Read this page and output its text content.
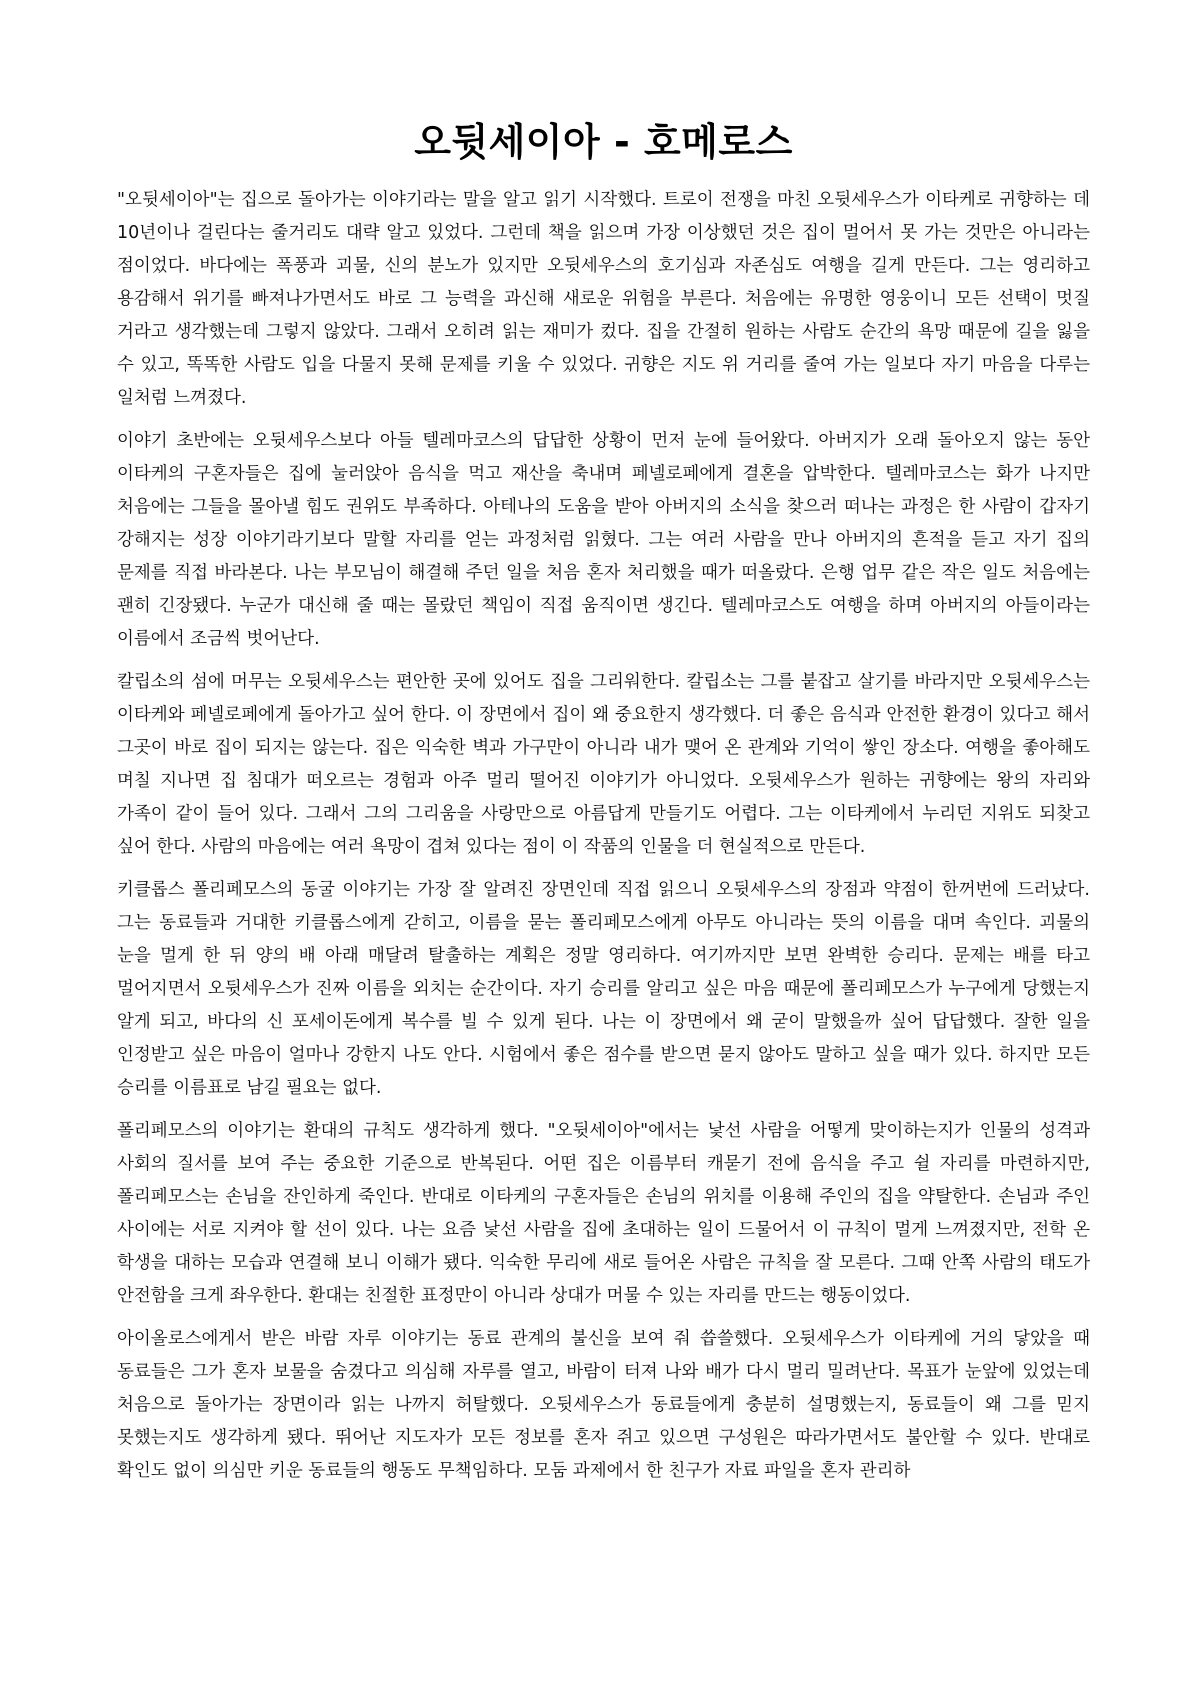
오뒷세이아 - 호메로스

"오뒷세이아"는 집으로 돌아가는 이야기라는 말을 알고 읽기 시작했다. 트로이 전쟁을 마친 오뒷세우스가 이타케로 귀향하는 데 10년이나 걸린다는 줄거리도 대략 알고 있었다. 그런데 책을 읽으며 가장 이상했던 것은 집이 멀어서 못 가는 것만은 아니라는 점이었다. 바다에는 폭풍과 괴물, 신의 분노가 있지만 오뒷세우스의 호기심과 자존심도 여행을 길게 만든다. 그는 영리하고 용감해서 위기를 빠져나가면서도 바로 그 능력을 과신해 새로운 위험을 부른다. 처음에는 유명한 영웅이니 모든 선택이 멋질 거라고 생각했는데 그렇지 않았다. 그래서 오히려 읽는 재미가 컸다. 집을 간절히 원하는 사람도 순간의 욕망 때문에 길을 잃을 수 있고, 똑똑한 사람도 입을 다물지 못해 문제를 키울 수 있었다. 귀향은 지도 위 거리를 줄여 가는 일보다 자기 마음을 다루는 일처럼 느껴졌다.

이야기 초반에는 오뒷세우스보다 아들 텔레마코스의 답답한 상황이 먼저 눈에 들어왔다. 아버지가 오래 돌아오지 않는 동안 이타케의 구혼자들은 집에 눌러앉아 음식을 먹고 재산을 축내며 페넬로페에게 결혼을 압박한다. 텔레마코스는 화가 나지만 처음에는 그들을 몰아낼 힘도 권위도 부족하다. 아테나의 도움을 받아 아버지의 소식을 찾으러 떠나는 과정은 한 사람이 갑자기 강해지는 성장 이야기라기보다 말할 자리를 얻는 과정처럼 읽혔다. 그는 여러 사람을 만나 아버지의 흔적을 듣고 자기 집의 문제를 직접 바라본다. 나는 부모님이 해결해 주던 일을 처음 혼자 처리했을 때가 떠올랐다. 은행 업무 같은 작은 일도 처음에는 괜히 긴장됐다. 누군가 대신해 줄 때는 몰랐던 책임이 직접 움직이면 생긴다. 텔레마코스도 여행을 하며 아버지의 아들이라는 이름에서 조금씩 벗어난다.

칼립소의 섬에 머무는 오뒷세우스는 편안한 곳에 있어도 집을 그리워한다. 칼립소는 그를 붙잡고 살기를 바라지만 오뒷세우스는 이타케와 페넬로페에게 돌아가고 싶어 한다. 이 장면에서 집이 왜 중요한지 생각했다. 더 좋은 음식과 안전한 환경이 있다고 해서 그곳이 바로 집이 되지는 않는다. 집은 익숙한 벽과 가구만이 아니라 내가 맺어 온 관계와 기억이 쌓인 장소다. 여행을 좋아해도 며칠 지나면 집 침대가 떠오르는 경험과 아주 멀리 떨어진 이야기가 아니었다. 오뒷세우스가 원하는 귀향에는 왕의 자리와 가족이 같이 들어 있다. 그래서 그의 그리움을 사랑만으로 아름답게 만들기도 어렵다. 그는 이타케에서 누리던 지위도 되찾고 싶어 한다. 사람의 마음에는 여러 욕망이 겹쳐 있다는 점이 이 작품의 인물을 더 현실적으로 만든다.

키클롭스 폴리페모스의 동굴 이야기는 가장 잘 알려진 장면인데 직접 읽으니 오뒷세우스의 장점과 약점이 한꺼번에 드러났다. 그는 동료들과 거대한 키클롭스에게 갇히고, 이름을 묻는 폴리페모스에게 아무도 아니라는 뜻의 이름을 대며 속인다. 괴물의 눈을 멀게 한 뒤 양의 배 아래 매달려 탈출하는 계획은 정말 영리하다. 여기까지만 보면 완벽한 승리다. 문제는 배를 타고 멀어지면서 오뒷세우스가 진짜 이름을 외치는 순간이다. 자기 승리를 알리고 싶은 마음 때문에 폴리페모스가 누구에게 당했는지 알게 되고, 바다의 신 포세이돈에게 복수를 빌 수 있게 된다. 나는 이 장면에서 왜 굳이 말했을까 싶어 답답했다. 잘한 일을 인정받고 싶은 마음이 얼마나 강한지 나도 안다. 시험에서 좋은 점수를 받으면 묻지 않아도 말하고 싶을 때가 있다. 하지만 모든 승리를 이름표로 남길 필요는 없다.

폴리페모스의 이야기는 환대의 규칙도 생각하게 했다. "오뒷세이아"에서는 낯선 사람을 어떻게 맞이하는지가 인물의 성격과 사회의 질서를 보여 주는 중요한 기준으로 반복된다. 어떤 집은 이름부터 캐묻기 전에 음식을 주고 쉴 자리를 마련하지만, 폴리페모스는 손님을 잔인하게 죽인다. 반대로 이타케의 구혼자들은 손님의 위치를 이용해 주인의 집을 약탈한다. 손님과 주인 사이에는 서로 지켜야 할 선이 있다. 나는 요즘 낯선 사람을 집에 초대하는 일이 드물어서 이 규칙이 멀게 느껴졌지만, 전학 온 학생을 대하는 모습과 연결해 보니 이해가 됐다. 익숙한 무리에 새로 들어온 사람은 규칙을 잘 모른다. 그때 안쪽 사람의 태도가 안전함을 크게 좌우한다. 환대는 친절한 표정만이 아니라 상대가 머물 수 있는 자리를 만드는 행동이었다.

아이올로스에게서 받은 바람 자루 이야기는 동료 관계의 불신을 보여 줘 씁쓸했다. 오뒷세우스가 이타케에 거의 닿았을 때 동료들은 그가 혼자 보물을 숨겼다고 의심해 자루를 열고, 바람이 터져 나와 배가 다시 멀리 밀려난다. 목표가 눈앞에 있었는데 처음으로 돌아가는 장면이라 읽는 나까지 허탈했다. 오뒷세우스가 동료들에게 충분히 설명했는지, 동료들이 왜 그를 믿지 못했는지도 생각하게 됐다. 뛰어난 지도자가 모든 정보를 혼자 쥐고 있으면 구성원은 따라가면서도 불안할 수 있다. 반대로 확인도 없이 의심만 키운 동료들의 행동도 무책임하다. 모둠 과제에서 한 친구가 자료 파일을 혼자 관리하
